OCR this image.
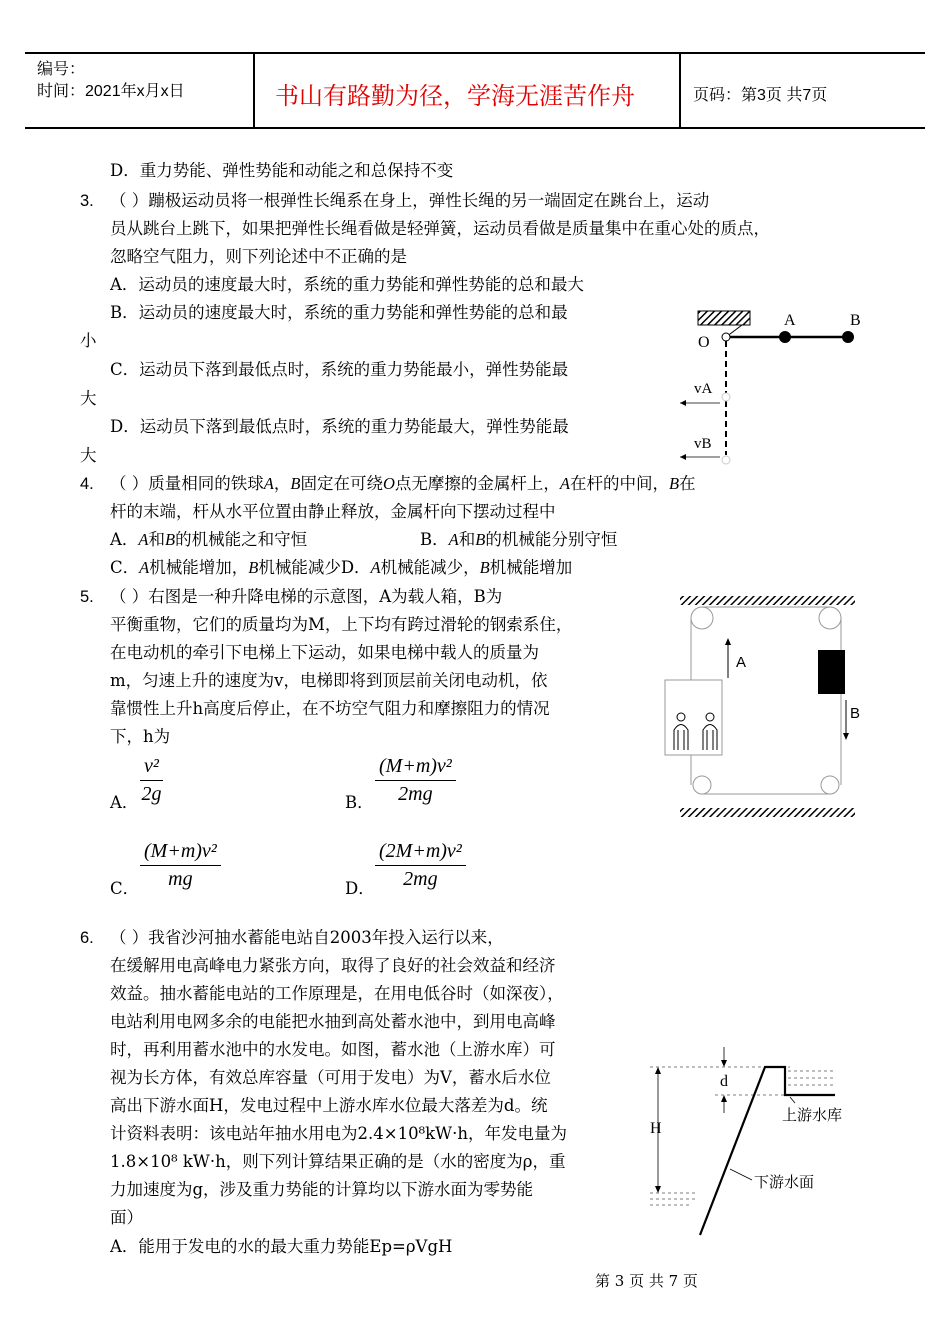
编号：
时间：2021年x月x日	书山有路勤为径，学海无涯苦作舟	页码：第3页 共7页
D．重力势能、弹性势能和动能之和总保持不变
3. （ ）蹦极运动员将一根弹性长绳系在身上，弹性长绳的另一端固定在跳台上，运动
员从跳台上跳下，如果把弹性长绳看做是轻弹簧，运动员看做是质量集中在重心处的质点，
忽略空气阻力，则下列论述中不正确的是
A．运动员的速度最大时，系统的重力势能和弹性势能的总和最大
B．运动员的速度最大时，系统的重力势能和弹性势能的总和最
小
C．运动员下落到最低点时，系统的重力势能最小，弹性势能最
大
D．运动员下落到最低点时，系统的重力势能最大，弹性势能最
大
O
A	B
vA
vB
4. （ ）质量相同的铁球A，B固定在可绕O点无摩擦的金属杆上，A在杆的中间，B在
杆的末端，杆从水平位置由静止释放，金属杆向下摆动过程中
A．A和B的机械能之和守恒	B．A和B的机械能分别守恒
C．A机械能增加，B机械能减少D．A机械能减少，B机械能增加
5. （ ）右图是一种升降电梯的示意图，A为载人箱，B为
平衡重物，它们的质量均为M，上下均有跨过滑轮的钢索系住，
在电动机的牵引下电梯上下运动，如果电梯中载人的质量为
m，匀速上升的速度为v，电梯即将到顶层前关闭电动机，依
靠惯性上升h高度后停止，在不坊空气阻力和摩擦阻力的情况
下，h为
A．
v²
2g	B．
(M+m)v²
2mg
C．
(M+m)v²
mg	D．
(2M+m)v²
2mg
A
B
6. （ ）我省沙河抽水蓄能电站自2003年投入运行以来，
在缓解用电高峰电力紧张方向，取得了良好的社会效益和经济
效益。抽水蓄能电站的工作原理是，在用电低谷时（如深夜），
电站利用电网多余的电能把水抽到高处蓄水池中，到用电高峰
时，再利用蓄水池中的水发电。如图，蓄水池（上游水库）可
视为长方体，有效总库容量（可用于发电）为V，蓄水后水位
高出下游水面H，发电过程中上游水库水位最大落差为d。统
计资料表明：该电站年抽水用电为2.4×10⁸kW·h，年发电量为
1.8×10⁸ kW·h，则下列计算结果正确的是（水的密度为ρ，重
力加速度为g，涉及重力势能的计算均以下游水面为零势能
面）
A．能用于发电的水的最大重力势能Ep=ρVgH
H
d
上游水库
下游水面
第 3 页 共 7 页
